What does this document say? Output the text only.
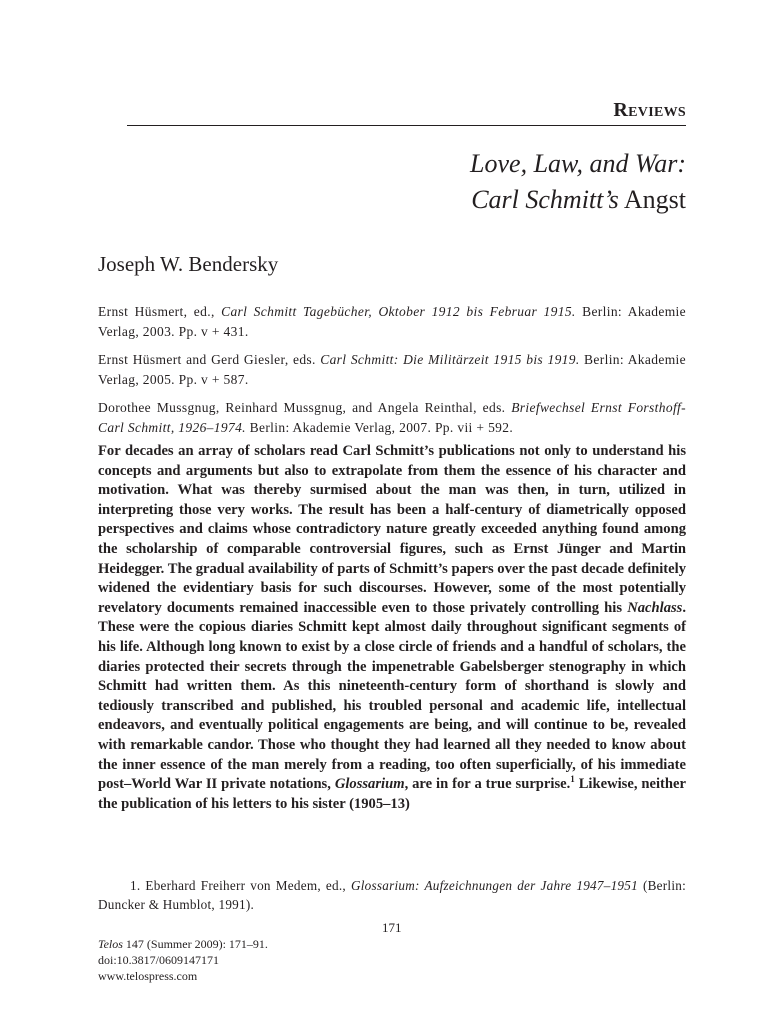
Reviews
Love, Law, and War:
Carl Schmitt’s Angst
Joseph W. Bendersky

Ernst Hüsmert, ed., Carl Schmitt Tagebücher, Oktober 1912 bis Februar 1915. Berlin: Akademie Verlag, 2003. Pp. v + 431.

Ernst Hüsmert and Gerd Giesler, eds. Carl Schmitt: Die Militärzeit 1915 bis 1919. Berlin: Akademie Verlag, 2005. Pp. v + 587.

Dorothee Mussgnug, Reinhard Mussgnug, and Angela Reinthal, eds. Briefwechsel Ernst Forsthoff-Carl Schmitt, 1926–1974. Berlin: Akademie Verlag, 2007. Pp. vii + 592.

For decades an array of scholars read Carl Schmitt’s publications not only to understand his concepts and arguments but also to extrapolate from them the essence of his character and motivation. What was thereby surmised about the man was then, in turn, utilized in interpreting those very works. The result has been a half-century of diametrically opposed perspectives and claims whose contradictory nature greatly exceeded anything found among the scholarship of comparable controversial figures, such as Ernst Jünger and Martin Heidegger. The gradual availability of parts of Schmitt’s papers over the past decade definitely widened the evidentiary basis for such discourses. However, some of the most potentially revelatory documents remained inaccessible even to those privately controlling his Nachlass. These were the copious diaries Schmitt kept almost daily throughout significant segments of his life. Although long known to exist by a close circle of friends and a handful of scholars, the diaries protected their secrets through the impenetrable Gabelsberger stenography in which Schmitt had written them. As this nineteenth-century form of shorthand is slowly and tediously transcribed and published, his troubled personal and academic life, intellectual endeavors, and eventually political engagements are being, and will continue to be, revealed with remarkable candor. Those who thought they had learned all they needed to know about the inner essence of the man merely from a reading, too often superficially, of his immediate post–World War II private notations, Glossarium, are in for a true surprise.$^1$ Likewise, neither the publication of his letters to his sister (1905–13)

1. Eberhard Freiherr von Medem, ed., Glossarium: Aufzeichnungen der Jahre 1947–1951 (Berlin: Duncker & Humblot, 1991).

171
Telos 147 (Summer 2009): 171–91.
doi:10.3817/0609147171
www.telospress.com
